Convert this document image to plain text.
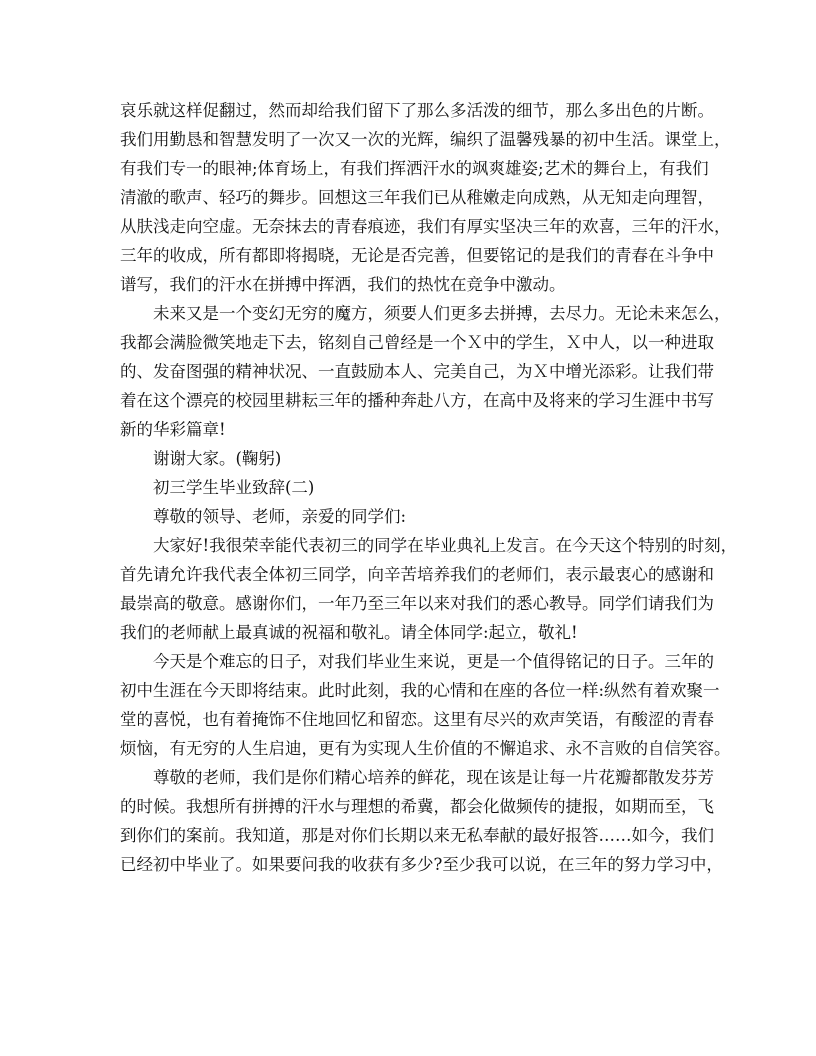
哀乐就这样促翻过，然而却给我们留下了那么多活泼的细节，那么多出色的片断。
我们用勤恳和智慧发明了一次又一次的光辉，编织了温馨残暴的初中生活。课堂上，
有我们专一的眼神;体育场上，有我们挥洒汗水的飒爽雄姿;艺术的舞台上，有我们
清澈的歌声、轻巧的舞步。回想这三年我们已从稚嫩走向成熟，从无知走向理智，
从肤浅走向空虚。无奈抹去的青春痕迹，我们有厚实坚决三年的欢喜，三年的汗水，
三年的收成，所有都即将揭晓，无论是否完善，但要铭记的是我们的青春在斗争中
谱写，我们的汗水在拼搏中挥洒，我们的热忱在竞争中激动。
未来又是一个变幻无穷的魔方，须要人们更多去拼搏，去尽力。无论未来怎么，
我都会满脸微笑地走下去，铭刻自己曾经是一个Ｘ中的学生，Ｘ中人，以一种进取
的、发奋图强的精神状况、一直鼓励本人、完美自己，为Ｘ中增光添彩。让我们带
着在这个漂亮的校园里耕耘三年的播种奔赴八方，在高中及将来的学习生涯中书写
新的华彩篇章!
谢谢大家。(鞠躬)
初三学生毕业致辞(二)
尊敬的领导、老师，亲爱的同学们:
大家好!我很荣幸能代表初三的同学在毕业典礼上发言。在今天这个特别的时刻，
首先请允许我代表全体初三同学，向辛苦培养我们的老师们，表示最衷心的感谢和
最崇高的敬意。感谢你们，一年乃至三年以来对我们的悉心教导。同学们请我们为
我们的老师献上最真诚的祝福和敬礼。请全体同学:起立，敬礼!
今天是个难忘的日子，对我们毕业生来说，更是一个值得铭记的日子。三年的
初中生涯在今天即将结束。此时此刻，我的心情和在座的各位一样:纵然有着欢聚一
堂的喜悦，也有着掩饰不住地回忆和留恋。这里有尽兴的欢声笑语，有酸涩的青春
烦恼，有无穷的人生启迪，更有为实现人生价值的不懈追求、永不言败的自信笑容。
尊敬的老师，我们是你们精心培养的鲜花，现在该是让每一片花瓣都散发芬芳
的时候。我想所有拼搏的汗水与理想的希冀，都会化做频传的捷报，如期而至，飞
到你们的案前。我知道，那是对你们长期以来无私奉献的最好报答……如今，我们
已经初中毕业了。如果要问我的收获有多少?至少我可以说，在三年的努力学习中，
